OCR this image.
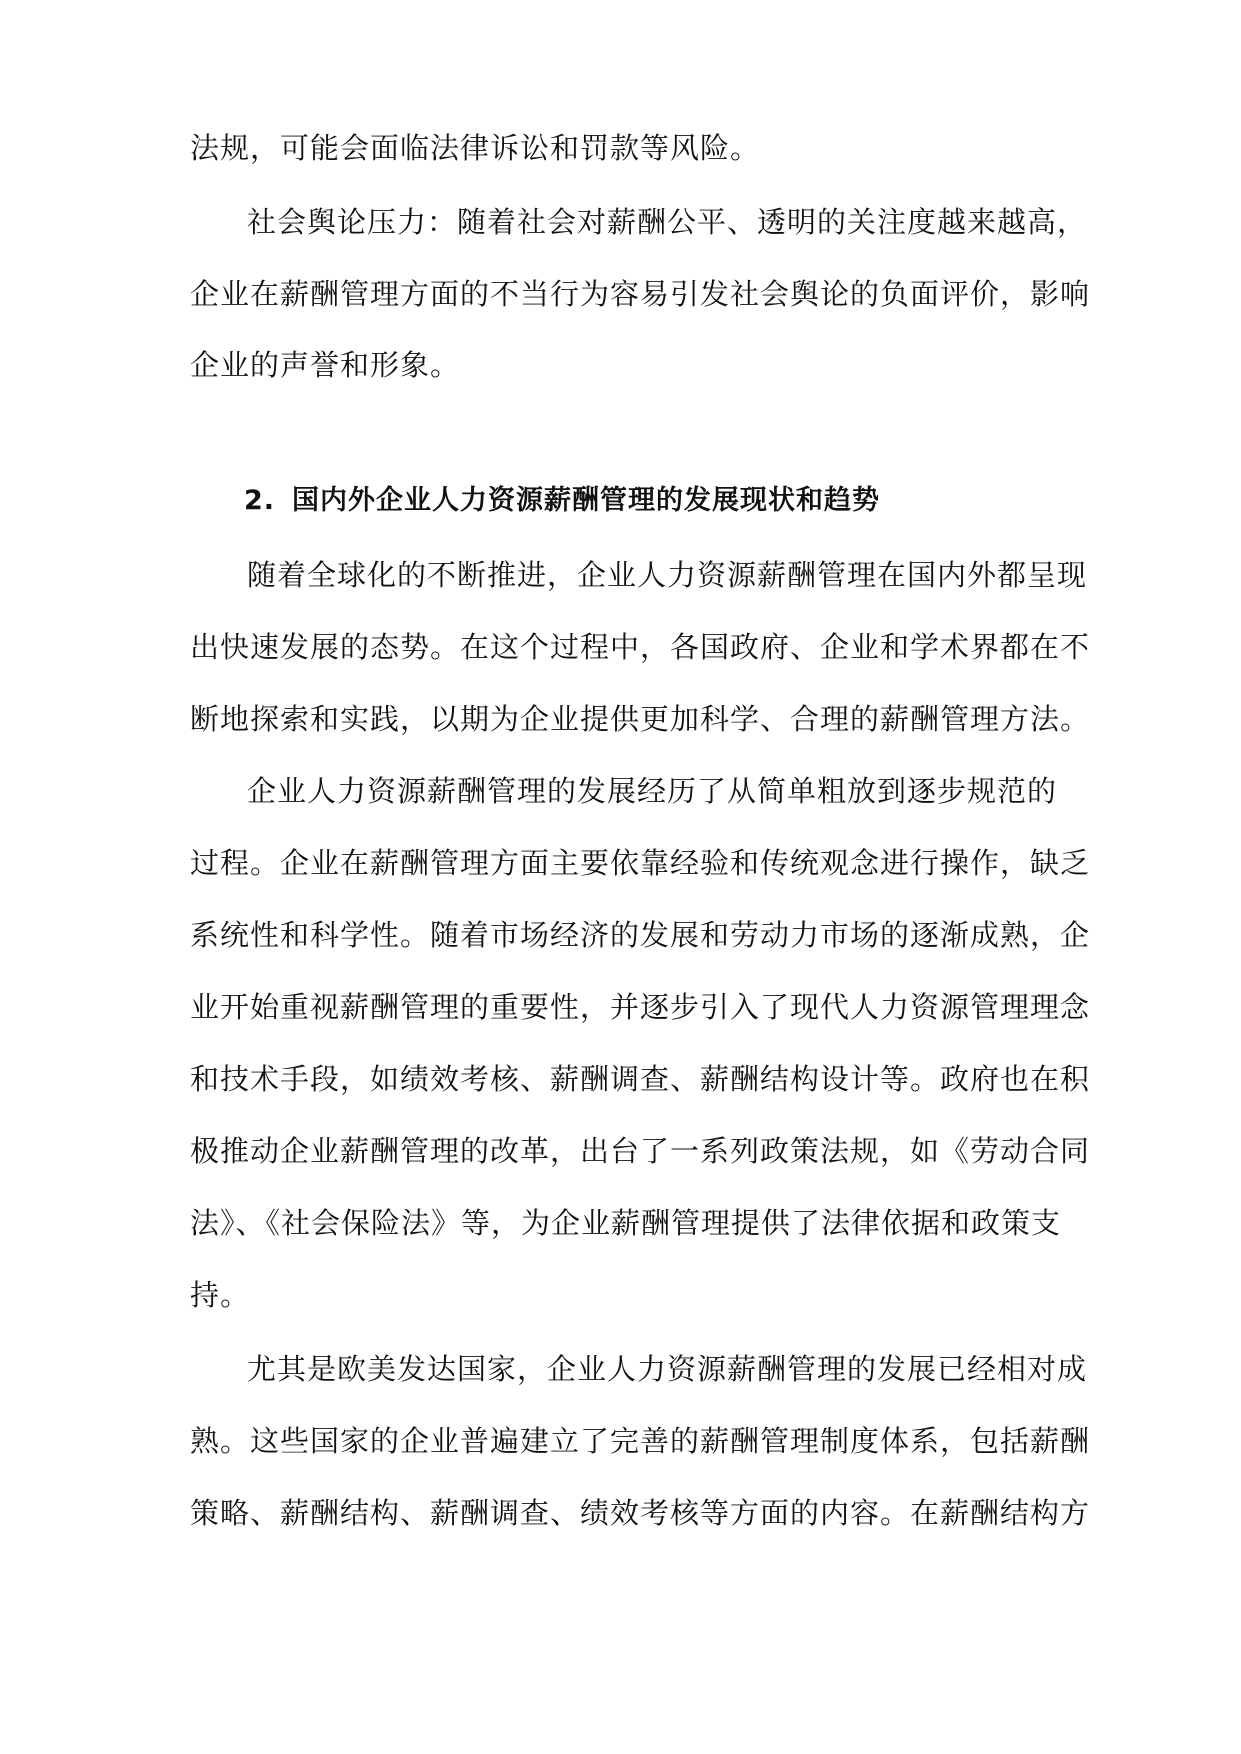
法规，可能会面临法律诉讼和罚款等风险。
社会舆论压力：随着社会对薪酬公平、透明的关注度越来越高，
企业在薪酬管理方面的不当行为容易引发社会舆论的负面评价，影响
企业的声誉和形象。
2. 国内外企业人力资源薪酬管理的发展现状和趋势
随着全球化的不断推进，企业人力资源薪酬管理在国内外都呈现
出快速发展的态势。在这个过程中，各国政府、企业和学术界都在不
断地探索和实践，以期为企业提供更加科学、合理的薪酬管理方法。
企业人力资源薪酬管理的发展经历了从简单粗放到逐步规范的
过程。企业在薪酬管理方面主要依靠经验和传统观念进行操作，缺乏
系统性和科学性。随着市场经济的发展和劳动力市场的逐渐成熟，企
业开始重视薪酬管理的重要性，并逐步引入了现代人力资源管理理念
和技术手段，如绩效考核、薪酬调查、薪酬结构设计等。政府也在积
极推动企业薪酬管理的改革，出台了一系列政策法规，如《劳动合同
法》、《社会保险法》等，为企业薪酬管理提供了法律依据和政策支
持。
尤其是欧美发达国家，企业人力资源薪酬管理的发展已经相对成
熟。这些国家的企业普遍建立了完善的薪酬管理制度体系，包括薪酬
策略、薪酬结构、薪酬调查、绩效考核等方面的内容。在薪酬结构方
